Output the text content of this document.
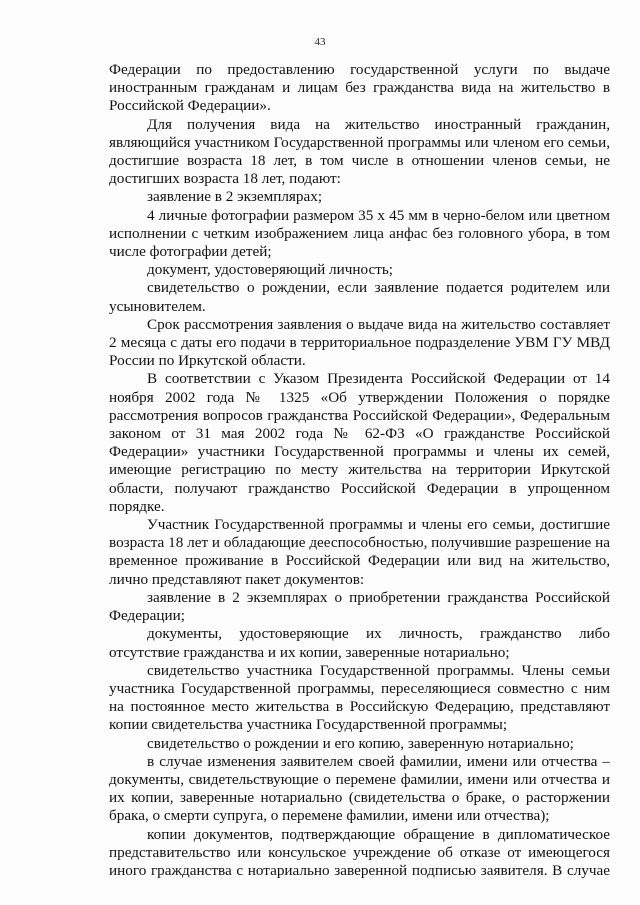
43

Федерации по предоставлению государственной услуги по выдаче иностранным гражданам и лицам без гражданства вида на жительство в Российской Федерации».

Для получения вида на жительство иностранный гражданин, являющийся участником Государственной программы или членом его семьи, достигшие возраста 18 лет, в том числе в отношении членов семьи, не достигших возраста 18 лет, подают:

заявление в 2 экземплярах;

4 личные фотографии размером 35 х 45 мм в черно-белом или цветном исполнении с четким изображением лица анфас без головного убора, в том числе фотографии детей;

документ, удостоверяющий личность;

свидетельство о рождении, если заявление подается родителем или усыновителем.

Срок рассмотрения заявления о выдаче вида на жительство составляет 2 месяца с даты его подачи в территориальное подразделение УВМ ГУ МВД России по Иркутской области.

В соответствии с Указом Президента Российской Федерации от 14 ноября 2002 года № 1325 «Об утверждении Положения о порядке рассмотрения вопросов гражданства Российской Федерации», Федеральным законом от 31 мая 2002 года № 62-ФЗ «О гражданстве Российской Федерации» участники Государственной программы и члены их семей, имеющие регистрацию по месту жительства на территории Иркутской области, получают гражданство Российской Федерации в упрощенном порядке.

Участник Государственной программы и члены его семьи, достигшие возраста 18 лет и обладающие дееспособностью, получившие разрешение на временное проживание в Российской Федерации или вид на жительство, лично представляют пакет документов:

заявление в 2 экземплярах о приобретении гражданства Российской Федерации;

документы, удостоверяющие их личность, гражданство либо отсутствие гражданства и их копии, заверенные нотариально;

свидетельство участника Государственной программы. Члены семьи участника Государственной программы, переселяющиеся совместно с ним на постоянное место жительства в Российскую Федерацию, представляют копии свидетельства участника Государственной программы;

свидетельство о рождении и его копию, заверенную нотариально;

в случае изменения заявителем своей фамилии, имени или отчества – документы, свидетельствующие о перемене фамилии, имени или отчества и их копии, заверенные нотариально (свидетельства о браке, о расторжении брака, о смерти супруга, о перемене фамилии, имени или отчества);

копии документов, подтверждающие обращение в дипломатическое представительство или консульское учреждение об отказе от имеющегося иного гражданства с нотариально заверенной подписью заявителя. В случае
